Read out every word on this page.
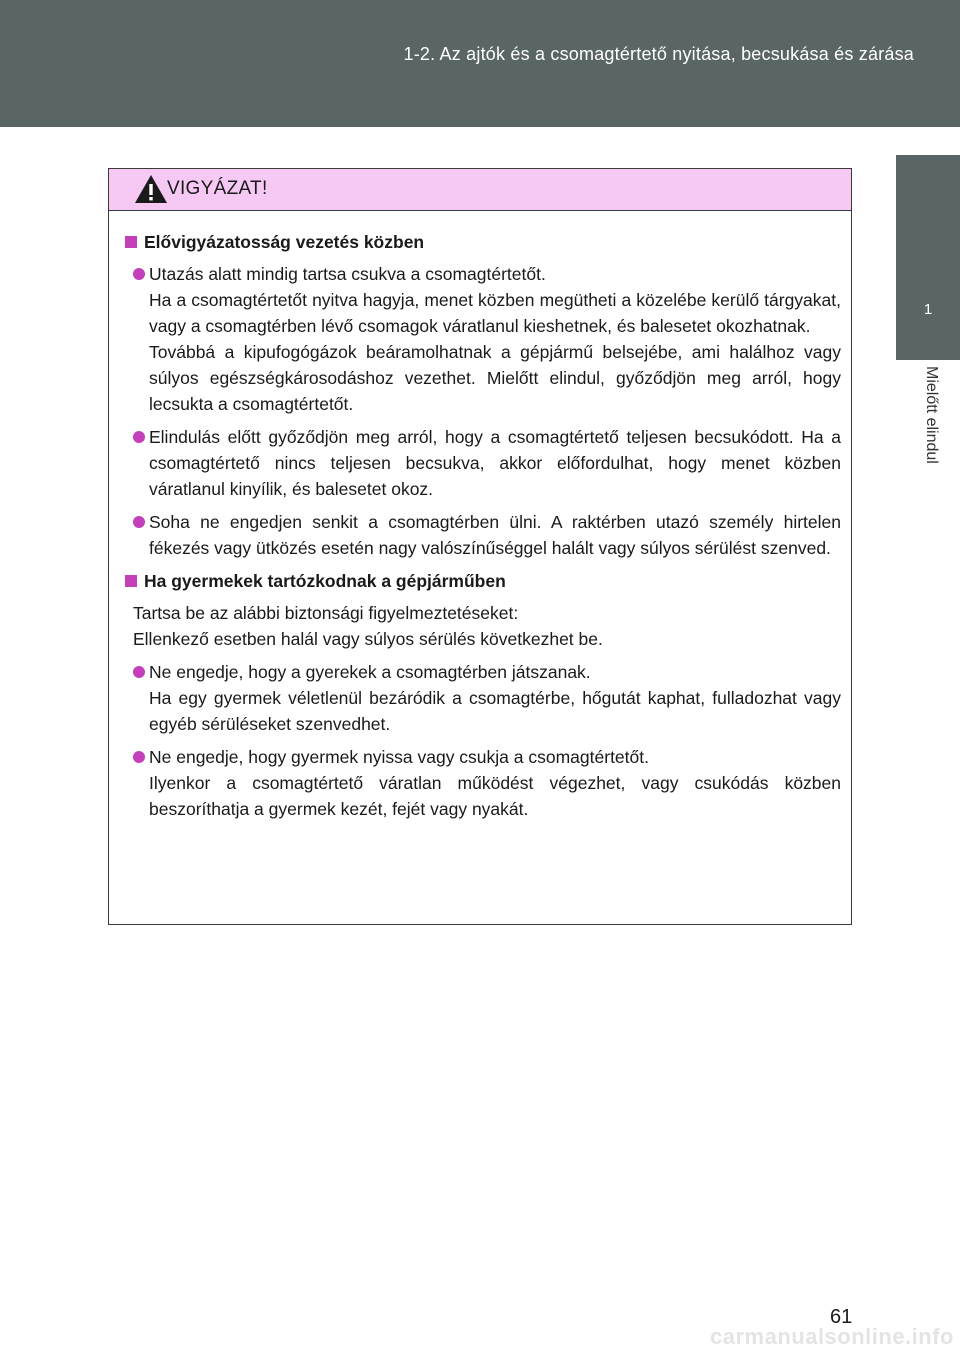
1-2. Az ajtók és a csomagtértető nyitása, becsukása és zárása
1
Mielőtt elindul
VIGYÁZAT!
Elővigyázatosság vezetés közben

Utazás alatt mindig tartsa csukva a csomagtértetőt.

Ha a csomagtértetőt nyitva hagyja, menet közben megütheti a közelébe kerülő tárgyakat, vagy a csomagtérben lévő csomagok váratlanul kieshetnek, és balesetet okozhatnak.

Továbbá a kipufogógázok beáramolhatnak a gépjármű belsejébe, ami halálhoz vagy súlyos egészségkárosodáshoz vezethet. Mielőtt elindul, győződjön meg arról, hogy lecsukta a csomagtértetőt.

Elindulás előtt győződjön meg arról, hogy a csomagtértető teljesen becsukódott. Ha a csomagtértető nincs teljesen becsukva, akkor előfordulhat, hogy menet közben váratlanul kinyílik, és balesetet okoz.

Soha ne engedjen senkit a csomagtérben ülni. A raktérben utazó személy hirtelen fékezés vagy ütközés esetén nagy valószínűséggel halált vagy súlyos sérülést szenved.

Ha gyermekek tartózkodnak a gépjárműben

Tartsa be az alábbi biztonsági figyelmeztetéseket:

Ellenkező esetben halál vagy súlyos sérülés következhet be.

Ne engedje, hogy a gyerekek a csomagtérben játszanak.

Ha egy gyermek véletlenül bezáródik a csomagtérbe, hőgutát kaphat, fulladozhat vagy egyéb sérüléseket szenvedhet.

Ne engedje, hogy gyermek nyissa vagy csukja a csomagtértetőt.

Ilyenkor a csomagtértető váratlan működést végezhet, vagy csukódás közben beszoríthatja a gyermek kezét, fejét vagy nyakát.

61
carmanualsonline.info
